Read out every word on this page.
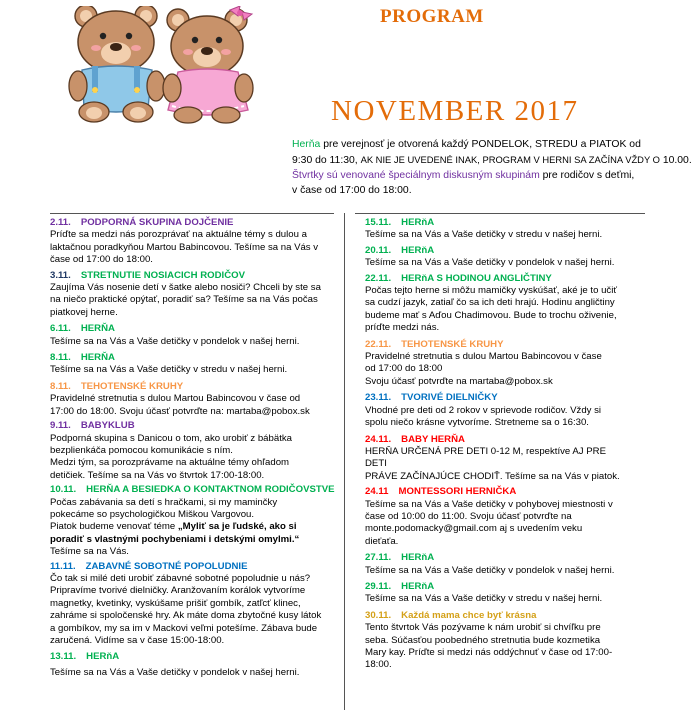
PROGRAM
NOVEMBER 2017
Herňa pre verejnosť je otvorená každý PONDELOK, STREDU a PIATOK od
9:30 do 11:30, AK NIE JE UVEDENÉ INAK, PROGRAM V HERNI SA ZAČÍNA VŽDY O 10.00.
Štvrtky sú venované špeciálnym diskusným skupinám pre rodičov s deťmi,
v čase od 17:00 do 18:00.
2.11. PODPORNÁ SKUPINA DOJČENIE
Príďte sa medzi nás porozprávať na aktuálne témy s dulou a
laktačnou poradkyňou Martou Babincovou. Tešíme sa na Vás v
čase od 17:00 do 18:00.
3.11. STRETNUTIE NOSIACICH RODIČOV
Zaujíma Vás nosenie detí v šatke alebo nosiči? Chceli by ste sa
na niečo praktické opýtať, poradiť sa? Tešíme sa na Vás počas
piatkovej herne.
6.11. HERŇA
Tešíme sa na Vás a Vaše detičky v pondelok v našej herni.
8.11. HERŇA
Tešíme sa na Vás a Vaše detičky v stredu v našej herni.
8.11. TEHOTENSKÉ KRUHY
Pravidelné stretnutia s dulou Martou Babincovou v čase od
17:00 do 18:00. Svoju účasť potvrďte na: martaba@pobox.sk
9.11. BABYKLUB
Podporná skupina s Danicou o tom, ako urobiť z bábätka
bezplienkáča pomocou komunikácie s ním.
Medzi tým, sa porozprávame na aktuálne témy ohľadom
detičiek. Tešíme sa na Vás vo štvrtok 17:00-18:00.
10.11. HERŇA A BESIEDKA O KONTAKTNOM RODIČOVSTVE
Počas zabávania sa detí s hračkami, si my maminčky
pokecáme so psychologičkou Miškou Vargovou.
Piatok budeme venovať téme „Myliť sa je ľudské, ako si
poradiť s vlastnými pochybeniami i detskými omylmi.“
Tešíme sa na Vás.
11.11. ZABAVNÉ SOBOTNÉ POPOLUDNIE
Čo tak si milé deti urobiť zábavné sobotné popoludnie u nás?
Pripravíme tvorivé dielničky. Aranžovaním korálok vytvoríme
magnetky, kvetinky, vyskúšame prišiť gombík, zatľcť klinec,
zahráme si spoločenské hry. Ak máte doma zbytočné kusy látok
a gombíkov, my sa im v Mackovi veľmi potešíme. Zábava bude
zaručená. Vidíme sa v čase 15:00-18:00.
13.11. HERňA
Tešíme sa na Vás a Vaše detičky v pondelok v našej herni.
15.11. HERňA
Tešíme sa na Vás a Vaše detičky v stredu v našej herni.
20.11. HERňA
Tešíme sa na Vás a Vaše detičky v pondelok v našej herni.
22.11. HERňA S HODINOU ANGLIČTINY
Počas tejto herne si môžu mamičky vyskúšať, aké je to učiť
sa cudzí jazyk, zatiaľ čo sa ich deti hrajú. Hodinu angličtiny
budeme mať s Aďou Chadimovou. Bude to trochu oživenie,
príďte medzi nás.
22.11. TEHOTENSKÉ KRUHY
Pravidelné stretnutia s dulou Martou Babincovou v čase
od 17:00 do 18:00
Svoju účasť potvrďte na martaba@pobox.sk
23.11. TVORIVÉ DIELNIČKY
Vhodné pre deti od 2 rokov v sprievode rodičov. Vždy si
spolu niečo krásne vytvoríme. Stretneme sa o 16:30.
24.11. BABY HERŇA
HERŇA URČENÁ PRE DETI 0-12 M, respektíve AJ PRE DETI
PRÁVE ZAČÍNAJÚCE CHODIŤ. Tešíme sa na Vás v piatok.
24.11 MONTESSORI HERNIČKA
Tešíme sa na Vás a Vaše detičky v pohybovej miestnosti v
čase od 10:00 do 11:00. Svoju účasť potvrďte na
monte.podomacky@gmail.com aj s uvedením veku
dieťaťa.
27.11. HERňA
Tešíme sa na Vás a Vaše detičky v pondelok v našej herni.
29.11. HERňA
Tešíme sa na Vás a Vaše detičky v stredu v našej herni.
30.11. Každá mama chce byť krásna
Tento štvrtok Vás pozývame k nám urobiť si chvíľku pre
seba. Súčasťou poobedného stretnutia bude kozmetika
Mary kay. Príďte si medzi nás oddýchnuť v čase od 17:00-
18:00.
